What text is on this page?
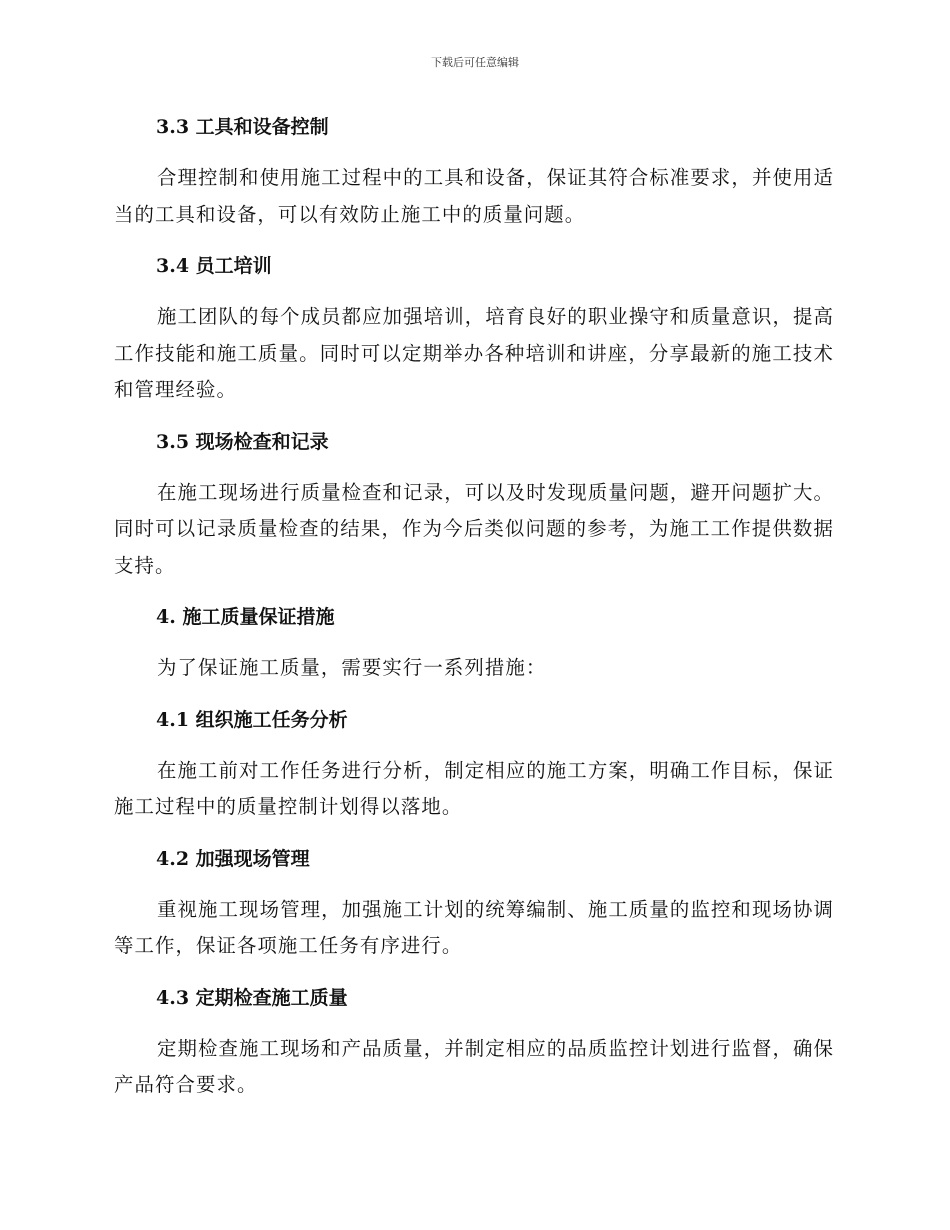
下载后可任意编辑
3.3 工具和设备控制

合理控制和使用施工过程中的工具和设备，保证其符合标准要求，并使用适当的工具和设备，可以有效防止施工中的质量问题。

3.4 员工培训

施工团队的每个成员都应加强培训，培育良好的职业操守和质量意识，提高工作技能和施工质量。同时可以定期举办各种培训和讲座，分享最新的施工技术和管理经验。

3.5 现场检查和记录

在施工现场进行质量检查和记录，可以及时发现质量问题，避开问题扩大。同时可以记录质量检查的结果，作为今后类似问题的参考，为施工工作提供数据支持。

4. 施工质量保证措施

为了保证施工质量，需要实行一系列措施：

4.1 组织施工任务分析

在施工前对工作任务进行分析，制定相应的施工方案，明确工作目标，保证施工过程中的质量控制计划得以落地。

4.2 加强现场管理

重视施工现场管理，加强施工计划的统筹编制、施工质量的监控和现场协调等工作，保证各项施工任务有序进行。

4.3 定期检查施工质量

定期检查施工现场和产品质量，并制定相应的品质监控计划进行监督，确保产品符合要求。
